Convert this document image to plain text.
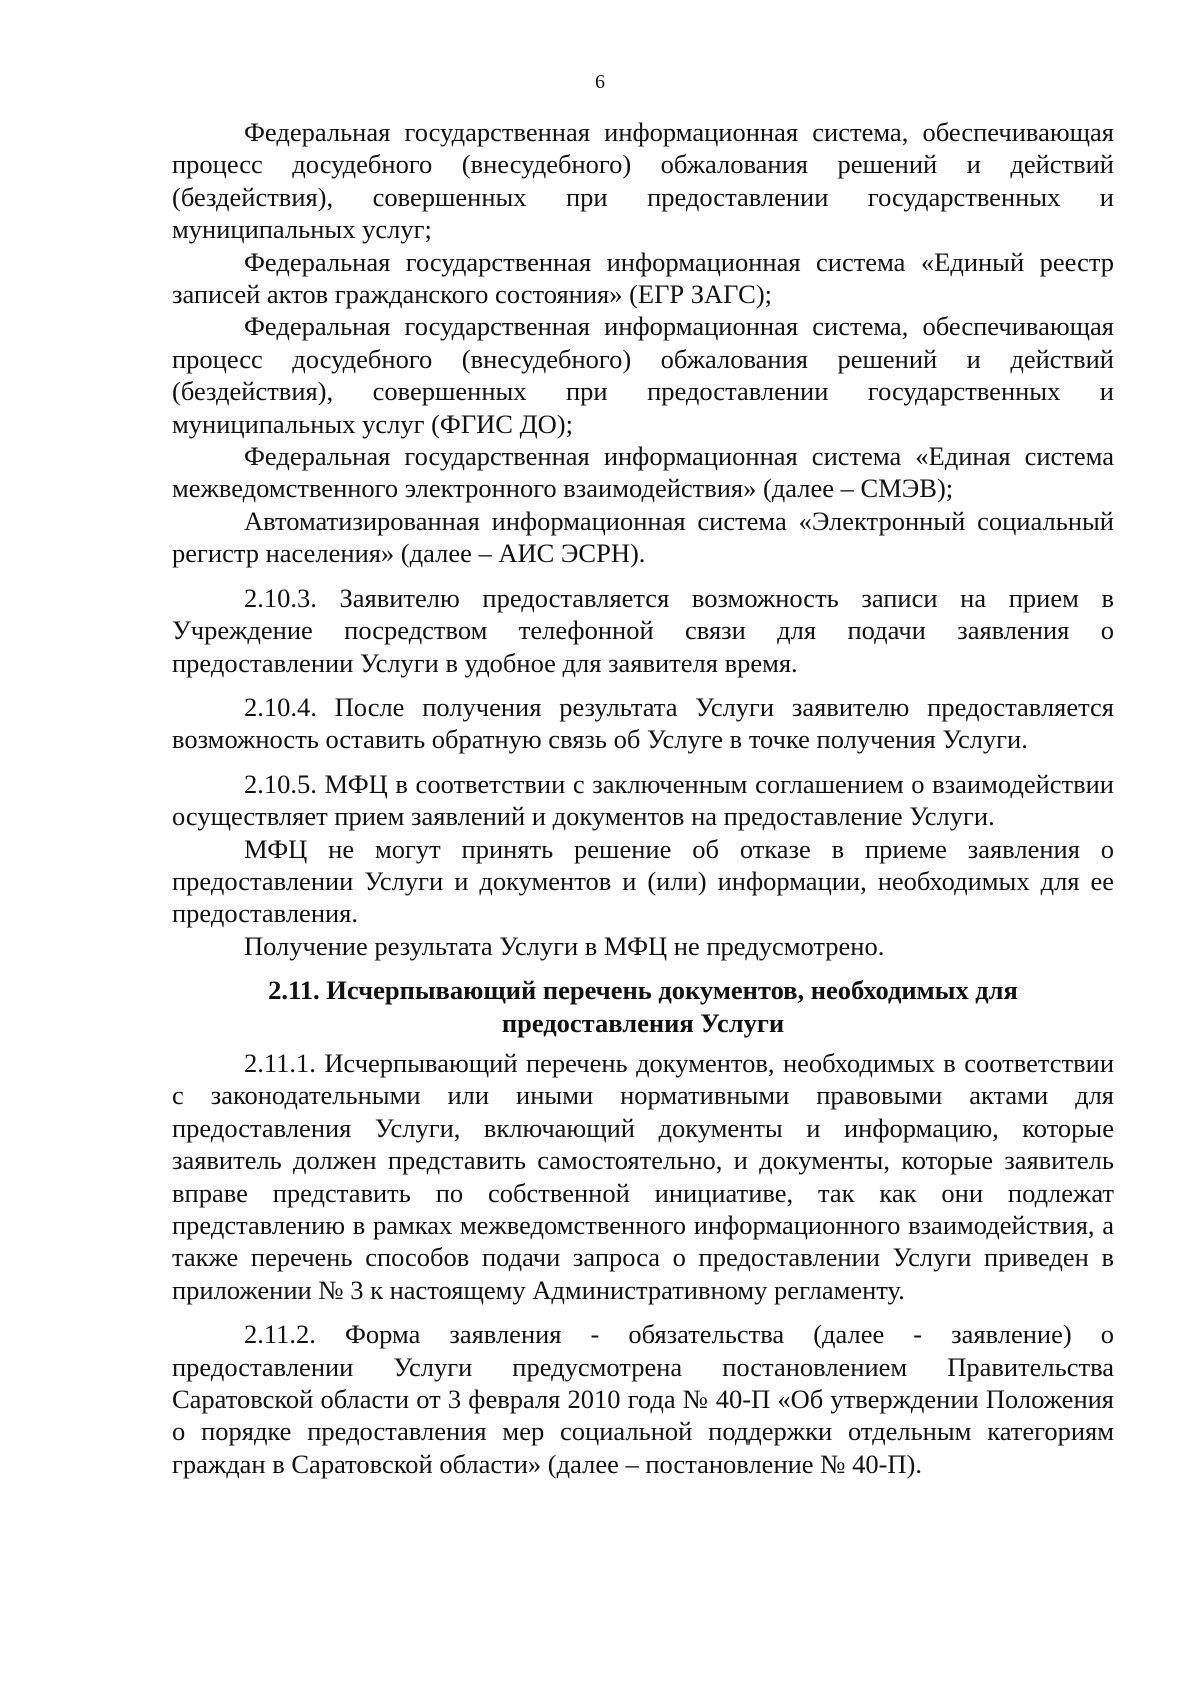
6

Федеральная государственная информационная система, обеспечивающая процесс досудебного (внесудебного) обжалования решений и действий (бездействия), совершенных при предоставлении государственных и муниципальных услуг;

Федеральная государственная информационная система «Единый реестр записей актов гражданского состояния» (ЕГР ЗАГС);

Федеральная государственная информационная система, обеспечивающая процесс досудебного (внесудебного) обжалования решений и действий (бездействия), совершенных при предоставлении государственных и муниципальных услуг (ФГИС ДО);

Федеральная государственная информационная система «Единая система межведомственного электронного взаимодействия» (далее – СМЭВ);

Автоматизированная информационная система «Электронный социальный регистр населения» (далее – АИС ЭСРН).

2.10.3. Заявителю предоставляется возможность записи на прием в Учреждение посредством телефонной связи для подачи заявления о предоставлении Услуги в удобное для заявителя время.

2.10.4. После получения результата Услуги заявителю предоставляется возможность оставить обратную связь об Услуге в точке получения Услуги.

2.10.5. МФЦ в соответствии с заключенным соглашением о взаимодействии осуществляет прием заявлений и документов на предоставление Услуги.

МФЦ не могут принять решение об отказе в приеме заявления о предоставлении Услуги и документов и (или) информации, необходимых для ее предоставления.

Получение результата Услуги в МФЦ не предусмотрено.

2.11. Исчерпывающий перечень документов, необходимых для
предоставления Услуги

2.11.1. Исчерпывающий перечень документов, необходимых в соответствии с законодательными или иными нормативными правовыми актами для предоставления Услуги, включающий документы и информацию, которые заявитель должен представить самостоятельно, и документы, которые заявитель вправе представить по собственной инициативе, так как они подлежат представлению в рамках межведомственного информационного взаимодействия, а также перечень способов подачи запроса о предоставлении Услуги приведен в приложении № 3 к настоящему Административному регламенту.

2.11.2. Форма заявления - обязательства (далее - заявление) о предоставлении Услуги предусмотрена постановлением Правительства Саратовской области от 3 февраля 2010 года № 40-П «Об утверждении Положения о порядке предоставления мер социальной поддержки отдельным категориям граждан в Саратовской области» (далее – постановление № 40-П).
